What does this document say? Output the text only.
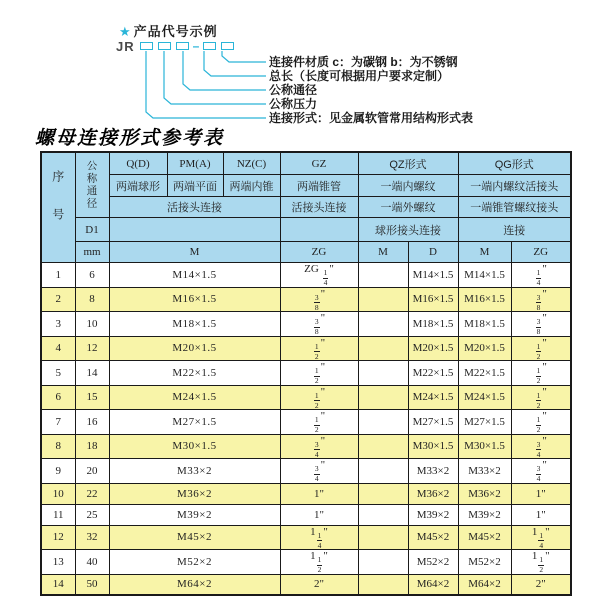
★ 产品代号示例
JR	–
连接件材质 c：为碳钢 b：为不锈钢
总长（长度可根据用户要求定制）
公称通径
公称压力
连接形式：见金属软管常用结构形式表
螺母连接形式参考表
序号	公称通径	Q(D)	PM(A)	NZ(C)	GZ	QZ形式		QG形式	
		两端球形	两端平面	两端内锥	两端锥管	一端内螺纹		一端内螺纹活接头	
		活接头连接			活接头连接	一端外螺纹		一端锥管螺纹接头	
	D1					球形接头连接		连接	
	mm	M			ZG	M	D	M	ZG
1	6	M14×1.5			ZG $\frac{1}{4}$ "		M14×1.5	M14×1.5	$\frac{1}{4}$ "
2	8	M16×1.5			$\frac{3}{8}$ "		M16×1.5	M16×1.5	$\frac{3}{8}$ "
3	10	M18×1.5			$\frac{3}{8}$ "		M18×1.5	M18×1.5	$\frac{3}{8}$ "
4	12	M20×1.5			$\frac{1}{2}$ "		M20×1.5	M20×1.5	$\frac{1}{2}$ "
5	14	M22×1.5			$\frac{1}{2}$ "		M22×1.5	M22×1.5	$\frac{1}{2}$ "
6	15	M24×1.5			$\frac{1}{2}$ "		M24×1.5	M24×1.5	$\frac{1}{2}$ "
7	16	M27×1.5			$\frac{1}{2}$ "		M27×1.5	M27×1.5	$\frac{1}{2}$ "
8	18	M30×1.5			$\frac{3}{4}$ "		M30×1.5	M30×1.5	$\frac{3}{4}$ "
9	20	M33×2			$\frac{3}{4}$ "		M33×2	M33×2	$\frac{3}{4}$ "
10	22	M36×2			1"		M36×2	M36×2	1"
11	25	M39×2			1"		M39×2	M39×2	1"
12	32	M45×2			$1 \frac{1}{4}$ "		M45×2	M45×2	$1 \frac{1}{4}$ "
13	40	M52×2			$1 \frac{1}{2}$ "		M52×2	M52×2	$1 \frac{1}{2}$ "
14	50	M64×2			2"		M64×2	M64×2	2"
